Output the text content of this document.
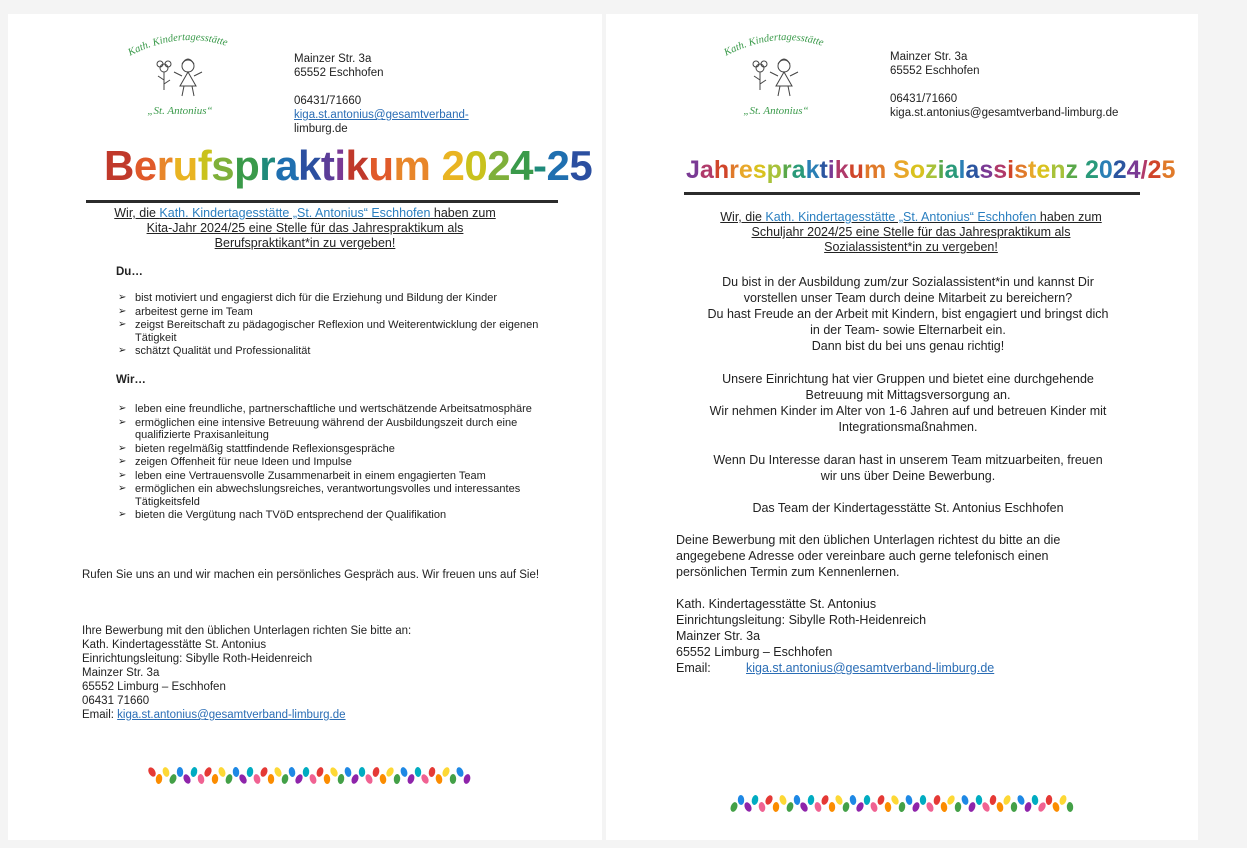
Kath. Kindertagesstätte
„St. Antonius“
Mainzer Str. 3a
65552 Eschhofen
06431/71660
kiga.st.antonius@gesamtverband-
limburg.de
Berufspraktikum 2024-25
Wir, die Kath. Kindertagesstätte „St. Antonius“ Eschhofen haben zum
Kita-Jahr 2024/25 eine Stelle für das Jahrespraktikum als
Berufspraktikant*in zu vergeben!
Du…
➢ bist motiviert und engagierst dich für die Erziehung und Bildung der Kinder
➢ arbeitest gerne im Team
➢ zeigst Bereitschaft zu pädagogischer Reflexion und Weiterentwicklung der eigenen Tätigkeit
➢ schätzt Qualität und Professionalität
Wir…
➢ leben eine freundliche, partnerschaftliche und wertschätzende Arbeitsatmosphäre
➢ ermöglichen eine intensive Betreuung während der Ausbildungszeit durch eine qualifizierte Praxisanleitung
➢ bieten regelmäßig stattfindende Reflexionsgespräche
➢ zeigen Offenheit für neue Ideen und Impulse
➢ leben eine Vertrauensvolle Zusammenarbeit in einem engagierten Team
➢ ermöglichen ein abwechslungsreiches, verantwortungsvolles und interessantes Tätigkeitsfeld
➢ bieten die Vergütung nach TVöD entsprechend der Qualifikation
Rufen Sie uns an und wir machen ein persönliches Gespräch aus. Wir freuen uns auf Sie!
Ihre Bewerbung mit den üblichen Unterlagen richten Sie bitte an:
Kath. Kindertagesstätte St. Antonius
Einrichtungsleitung: Sibylle Roth-Heidenreich
Mainzer Str. 3a
65552 Limburg – Eschhofen
06431 71660
Email: kiga.st.antonius@gesamtverband-limburg.de
Kath. Kindertagesstätte
„St. Antonius“
Mainzer Str. 3a
65552 Eschhofen
06431/71660
kiga.st.antonius@gesamtverband-limburg.de
Jahrespraktikum Sozialassistenz 2024/25
Wir, die Kath. Kindertagesstätte „St. Antonius“ Eschhofen haben zum
Schuljahr 2024/25 eine Stelle für das Jahrespraktikum als
Sozialassistent*in zu vergeben!
Du bist in der Ausbildung zum/zur Sozialassistent*in und kannst Dir
vorstellen unser Team durch deine Mitarbeit zu bereichern?
Du hast Freude an der Arbeit mit Kindern, bist engagiert und bringst dich
in der Team- sowie Elternarbeit ein.
Dann bist du bei uns genau richtig!
Unsere Einrichtung hat vier Gruppen und bietet eine durchgehende
Betreuung mit Mittagsversorgung an.
Wir nehmen Kinder im Alter von 1-6 Jahren auf und betreuen Kinder mit
Integrationsmaßnahmen.
Wenn Du Interesse daran hast in unserem Team mitzuarbeiten, freuen
wir uns über Deine Bewerbung.
Das Team der Kindertagesstätte St. Antonius Eschhofen
Deine Bewerbung mit den üblichen Unterlagen richtest du bitte an die
angegebene Adresse oder vereinbare auch gerne telefonisch einen
persönlichen Termin zum Kennenlernen.
Kath. Kindertagesstätte St. Antonius
Einrichtungsleitung: Sibylle Roth-Heidenreich
Mainzer Str. 3a
65552 Limburg – Eschhofen
Email:	kiga.st.antonius@gesamtverband-limburg.de
